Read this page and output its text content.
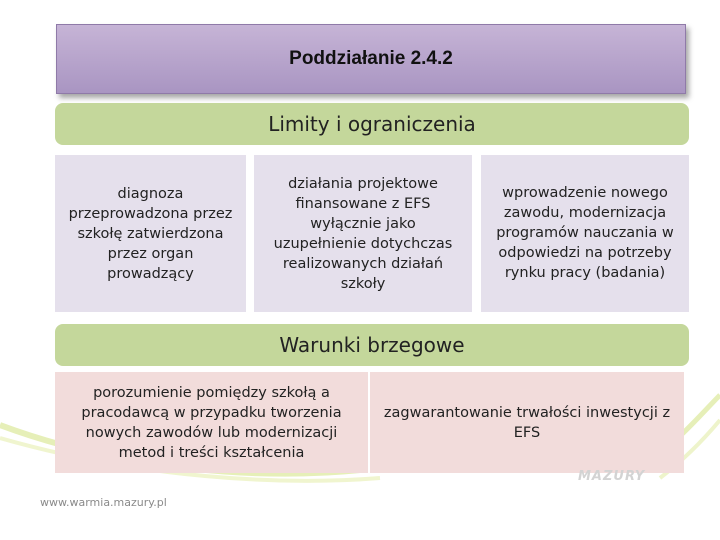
Poddziałanie 2.4.2
Limity i ograniczenia
diagnoza przeprowadzona przez szkołę zatwierdzona przez organ prowadzący
działania projektowe finansowane z EFS wyłącznie jako uzupełnienie dotychczas realizowanych działań szkoły
wprowadzenie nowego zawodu, modernizacja programów nauczania w odpowiedzi na potrzeby rynku pracy (badania)
Warunki brzegowe
porozumienie pomiędzy szkołą a pracodawcą w przypadku tworzenia nowych zawodów lub modernizacji metod i treści kształcenia
zagwarantowanie trwałości inwestycji z EFS
MAZURY
www.warmia.mazury.pl
